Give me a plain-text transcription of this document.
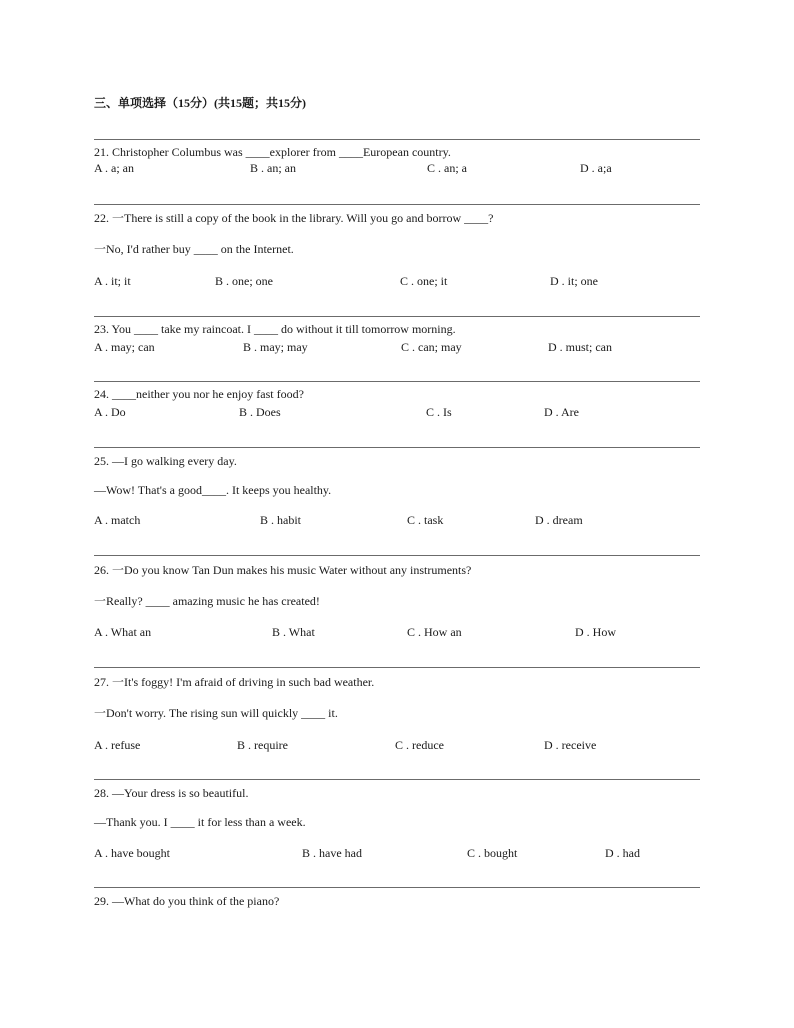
三、单项选择（15分）(共15题；共15分)
21. Christopher Columbus was ____explorer from ____European country.
A . a; an	B . an; an	C . an; a	D . a;a
22. 一There is still a copy of the book in the library. Will you go and borrow ____?
一No, I'd rather buy ____ on the Internet.
A . it; it	B . one; one	C . one; it	D . it; one
23. You ____ take my raincoat. I ____ do without it till tomorrow morning.
A . may; can	B . may; may	C . can; may	D . must; can
24. ____neither you nor he enjoy fast food?
A . Do	B . Does	C . Is	D . Are
25. —I go walking every day.
—Wow! That's a good____. It keeps you healthy.
A . match	B . habit	C . task	D . dream
26. 一Do you know Tan Dun makes his music Water without any instruments?
一Really? ____ amazing music he has created!
A . What an	B . What	C . How an	D . How
27. 一It's foggy! I'm afraid of driving in such bad weather.
一Don't worry. The rising sun will quickly ____ it.
A . refuse	B . require	C . reduce	D . receive
28. —Your dress is so beautiful.
—Thank you. I ____ it for less than a week.
A . have bought	B . have had	C . bought	D . had
29. —What do you think of the piano?
